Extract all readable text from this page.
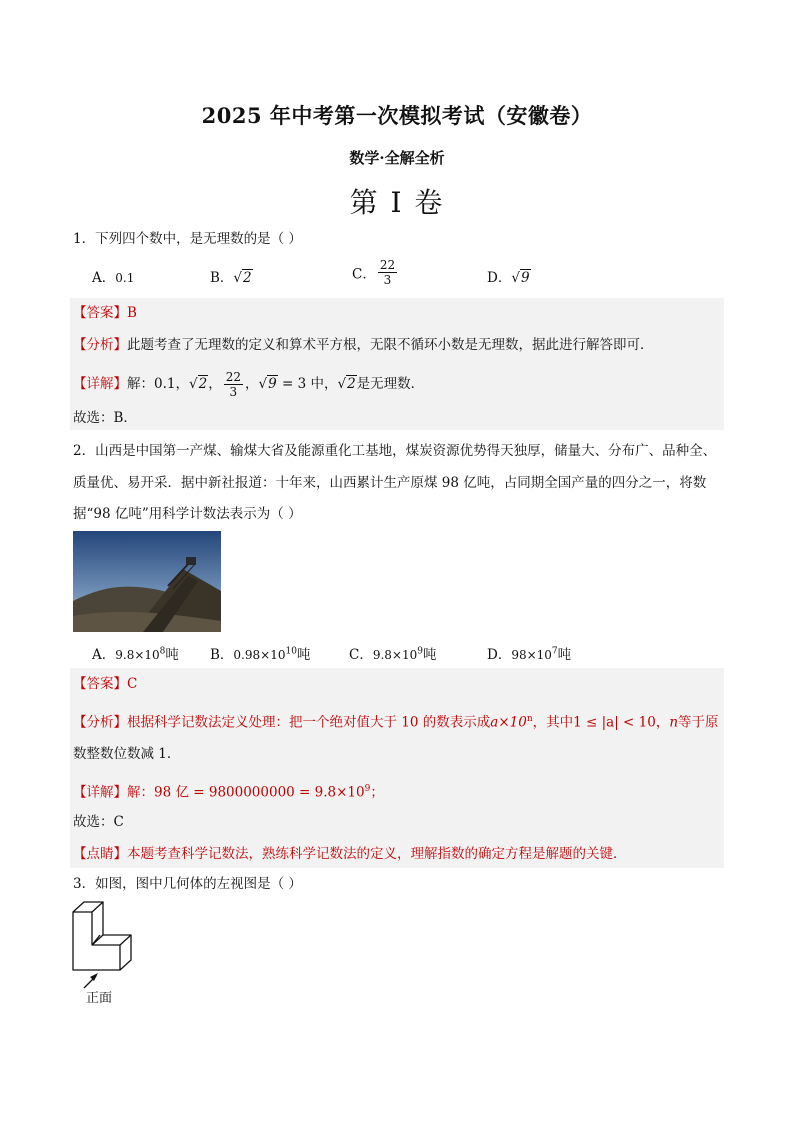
2025 年中考第一次模拟考试（安徽卷）
数学·全解全析
第 I 卷
1．下列四个数中，是无理数的是（ ）
A．0.1	B．√2	C． $\frac{22}{3}$	D．√9
【答案】B
【分析】此题考查了无理数的定义和算术平方根，无限不循环小数是无理数，据此进行解答即可．
【详解】解：0.1，√2， $\frac{22}{3}$ ，√9 = 3 中，√2是无理数．
故选：B．
2．山西是中国第一产煤、输煤大省及能源重化工基地，煤炭资源优势得天独厚，储量大、分布广、品种全、
质量优、易开采．据中新社报道：十年来，山西累计生产原煤 98 亿吨，占同期全国产量的四分之一，将数
据“98 亿吨”用科学计数法表示为（ ）
A．$9.8\times 10^8$吨 B．$0.98\times 10^{10}$吨	C．$9.8\times 10^9$吨	D．$98\times 10^7$吨
【答案】C
【分析】根据科学记数法定义处理：把一个绝对值大于 10 的数表示成$a\times 10^n$，其中1 ≤ |a| < 10，n等于原
数整数位数减 1．
【详解】解：98 亿 = $9800000000 = 9.8\times 10^9$；
故选：C
【点睛】本题考查科学记数法，熟练科学记数法的定义，理解指数的确定方程是解题的关键．
3．如图，图中几何体的左视图是（ ）
正面
